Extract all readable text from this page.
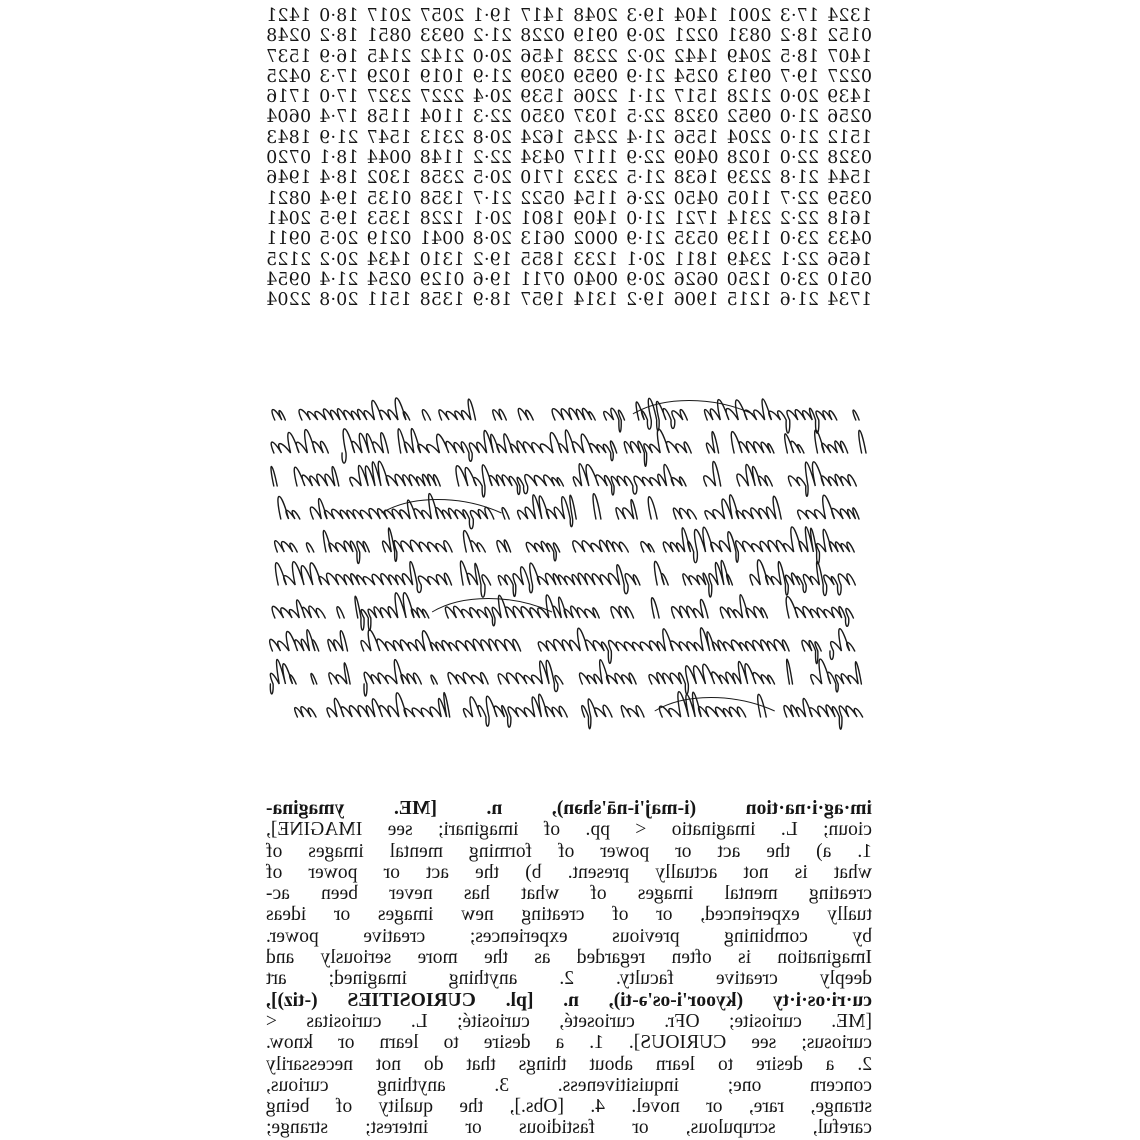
1324 17·3 2001 1404 19·3 2048 1417 19·1 2057 2017 18·0 1421
0152 18·2 0831 0221 20·9 0919 0228 21·2 0933 0851 18·2 0248
1407 18·5 2049 1442 20·2 2238 1456 20·0 2142 2145 16·9 1537
0227 19·7 0913 0254 21·9 0959 0309 21·9 1019 1029 17·3 0425
1439 20·0 2128 1517 21·1 2206 1539 20·4 2227 2327 17·0 1716
0256 21·0 0952 0328 22·5 1037 0350 22·3 1104 1158 17·4 0604
1512 21·0 2204 1556 21·4 2245 1624 20·8 2313 1547 21·9 1843
0328 22·0 1028 0409 22·9 1117 0434 22·2 1148 0044 18·1 0720
1544 21·8 2239 1638 21·5 2323 1710 20·5 2358 1302 18·4 1946
0359 22·7 1105 0450 22·6 1154 0522 21·7 1358 0135 19·4 0821
1618 22·2 2314 1721 21·0 1409 1801 20·1 1228 1353 19·5 2041
0433 23·0 1139 0535 21·9 0002 0613 20·8 0041 0219 20·5 0911
1656 22·1 2349 1811 20·1 1233 1855 19·2 1310 1434 20·2 2125
0510 23·0 1250 0626 20·9 0040 0711 19·6 0129 0254 21·4 0954
1734 21·6 1215 1906 19·2 1314 1957 18·9 1358 1511 20·8 2204
im·ag·i·na·tion (i-maj'i-nā'shən), n. [ME. ymagina-
cioun; L. imaginatio < pp. of imaginari; see IMAGINE],
1. a) the act or power of forming mental images of
what is not actually present. b) the act or power of
creating mental images of what has never been ac-
tually experienced, or of creating new images or ideas
by combining previous experiences; creative power.
Imagination is often regarded as the more seriously and
deeply creative faculty. 2. anything imagined; art
cu·ri·os·i·ty (kyoor'i-os'ə-ti), n. [pl. CURIOSITIES (-tiz)],
[ME. curiosite; OFr. curioseté, curiosité; L. curiositas <
curiosus; see CURIOUS]. 1. a desire to learn or know.
2. a desire to learn about things that do not necessarily
concern one; inquisitiveness. 3. anything curious,
strange, rare, or novel. 4. [Obs.], the quality of being
careful, scrupulous, or fastidious or interest; strange;
